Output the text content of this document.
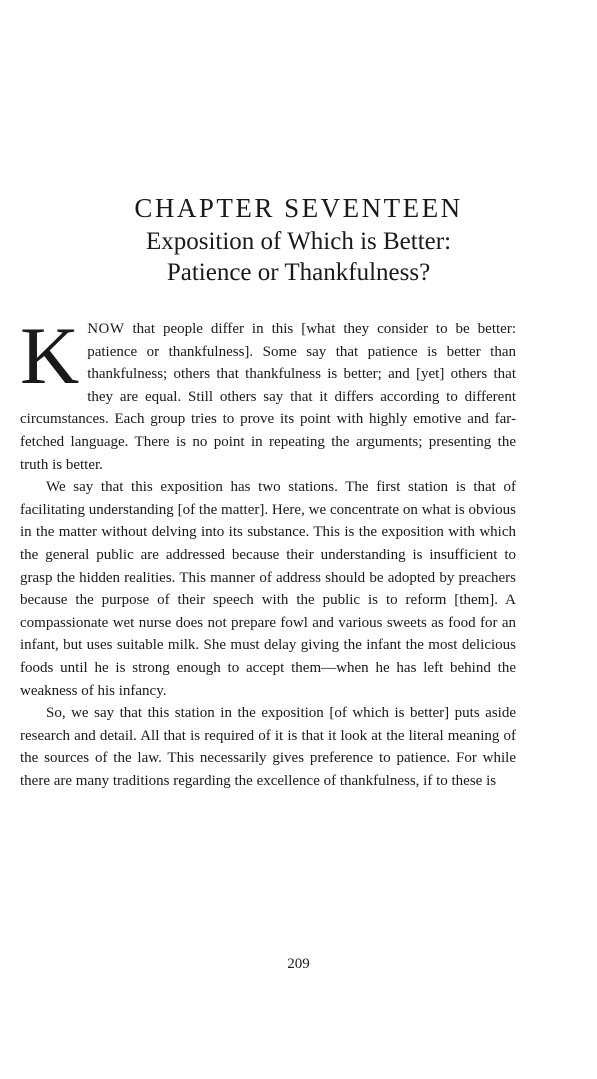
CHAPTER SEVENTEEN
Exposition of Which is Better:
Patience or Thankfulness?

KNOW that people differ in this [what they consider to be better: patience or thankfulness]. Some say that patience is better than thankfulness; others that thankfulness is better; and [yet] others that they are equal. Still others say that it differs according to different circumstances. Each group tries to prove its point with highly emotive and far-fetched language. There is no point in repeating the arguments; presenting the truth is better.

We say that this exposition has two stations. The first station is that of facilitating understanding [of the matter]. Here, we concentrate on what is obvious in the matter without delving into its substance. This is the exposition with which the general public are addressed because their understanding is insufficient to grasp the hidden realities. This manner of address should be adopted by preachers because the purpose of their speech with the public is to reform [them]. A compassionate wet nurse does not prepare fowl and various sweets as food for an infant, but uses suitable milk. She must delay giving the infant the most delicious foods until he is strong enough to accept them—when he has left behind the weakness of his infancy.

So, we say that this station in the exposition [of which is better] puts aside research and detail. All that is required of it is that it look at the literal meaning of the sources of the law. This necessarily gives preference to patience. For while there are many traditions regarding the excellence of thankfulness, if to these is

209
